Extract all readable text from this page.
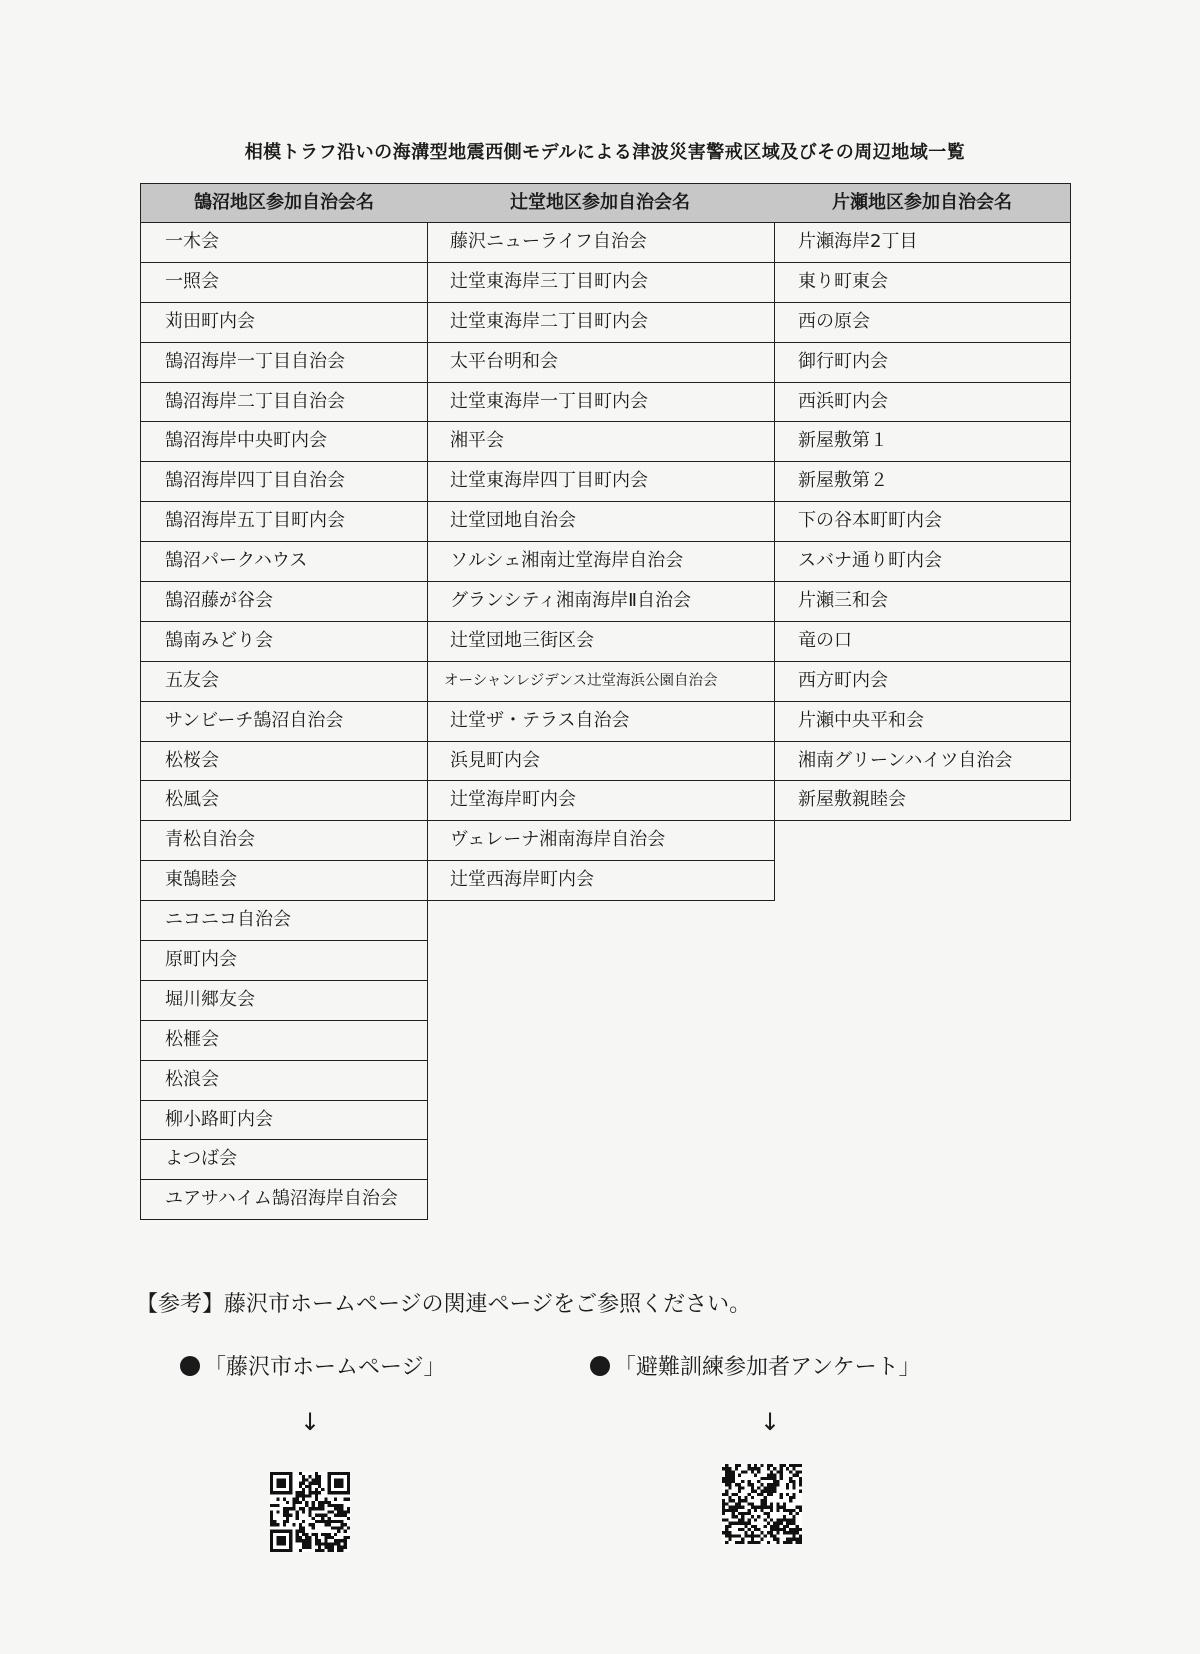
相模トラフ沿いの海溝型地震西側モデルによる津波災害警戒区域及びその周辺地域一覧
鵠沼地区参加自治会名
一木会
一照会
苅田町内会
鵠沼海岸一丁目自治会
鵠沼海岸二丁目自治会
鵠沼海岸中央町内会
鵠沼海岸四丁目自治会
鵠沼海岸五丁目町内会
鵠沼パークハウス
鵠沼藤が谷会
鵠南みどり会
五友会
サンビーチ鵠沼自治会
松桜会
松風会
青松自治会
東鵠睦会
ニコニコ自治会
原町内会
堀川郷友会
松榧会
松浪会
柳小路町内会
よつば会
ユアサハイム鵠沼海岸自治会
辻堂地区参加自治会名
藤沢ニューライフ自治会
辻堂東海岸三丁目町内会
辻堂東海岸二丁目町内会
太平台明和会
辻堂東海岸一丁目町内会
湘平会
辻堂東海岸四丁目町内会
辻堂団地自治会
ソルシェ湘南辻堂海岸自治会
グランシティ湘南海岸Ⅱ自治会
辻堂団地三街区会
オーシャンレジデンス辻堂海浜公園自治会
辻堂ザ・テラス自治会
浜見町内会
辻堂海岸町内会
ヴェレーナ湘南海岸自治会
辻堂西海岸町内会
片瀬地区参加自治会名
片瀬海岸2丁目
東り町東会
西の原会
御行町内会
西浜町内会
新屋敷第１
新屋敷第２
下の谷本町町内会
スバナ通り町内会
片瀬三和会
竜の口
西方町内会
片瀬中央平和会
湘南グリーンハイツ自治会
新屋敷親睦会
【参考】藤沢市ホームページの関連ページをご参照ください。
「藤沢市ホームページ」	「避難訓練参加者アンケート」
↓	↓
